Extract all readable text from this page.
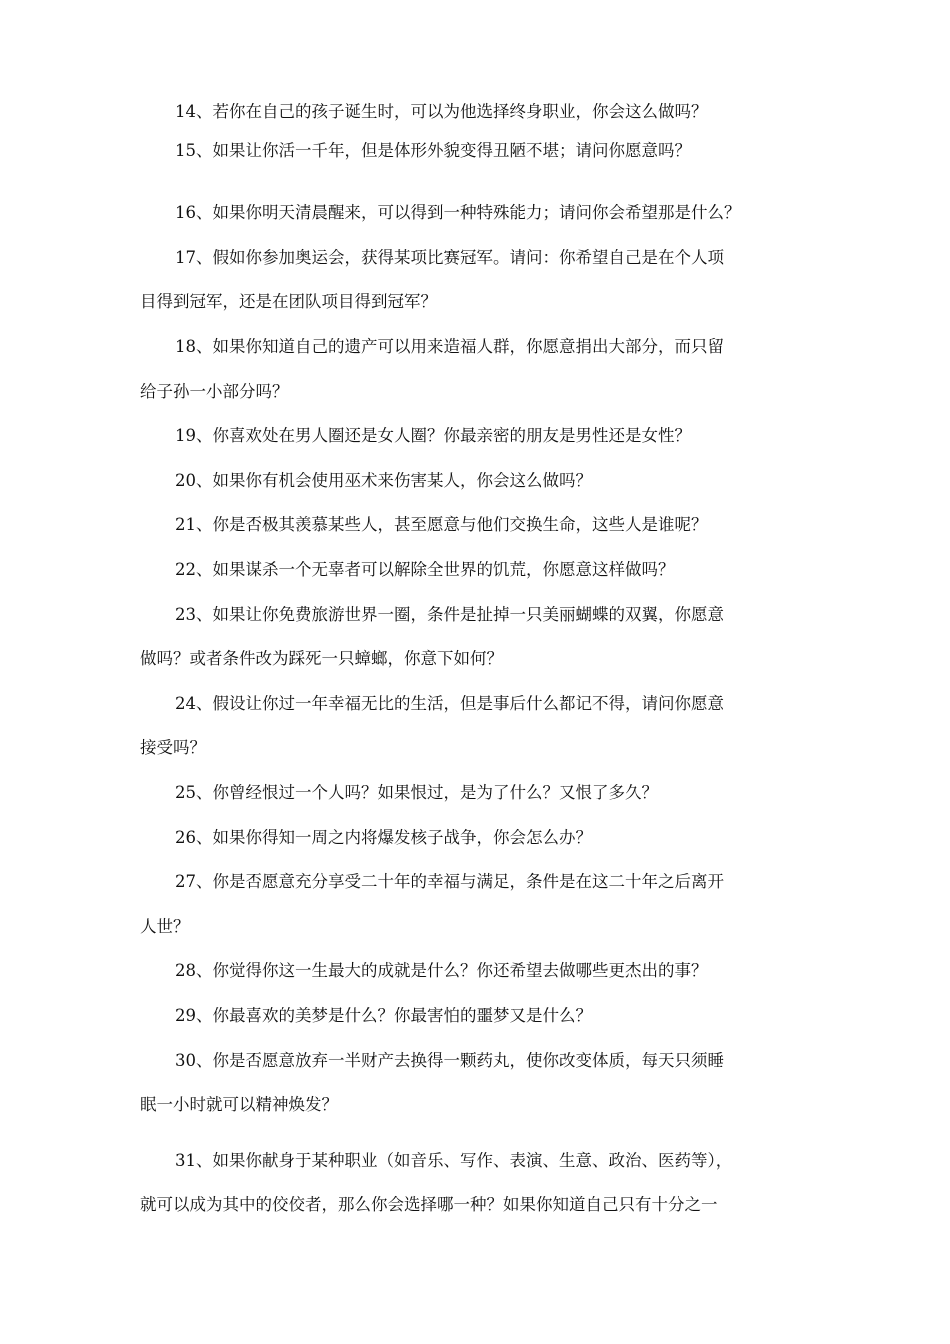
14、若你在自己的孩子诞生时，可以为他选择终身职业，你会这么做吗？
15、如果让你活一千年，但是体形外貌变得丑陋不堪；请问你愿意吗？
16、如果你明天清晨醒来，可以得到一种特殊能力；请问你会希望那是什么？
17、假如你参加奥运会，获得某项比赛冠军。请问：你希望自己是在个人项
目得到冠军，还是在团队项目得到冠军？
18、如果你知道自己的遗产可以用来造福人群，你愿意捐出大部分，而只留
给子孙一小部分吗？
19、你喜欢处在男人圈还是女人圈？你最亲密的朋友是男性还是女性？
20、如果你有机会使用巫术来伤害某人，你会这么做吗？
21、你是否极其羡慕某些人，甚至愿意与他们交换生命，这些人是谁呢？
22、如果谋杀一个无辜者可以解除全世界的饥荒，你愿意这样做吗？
23、如果让你免费旅游世界一圈，条件是扯掉一只美丽蝴蝶的双翼，你愿意
做吗？或者条件改为踩死一只蟑螂，你意下如何？
24、假设让你过一年幸福无比的生活，但是事后什么都记不得，请问你愿意
接受吗？
25、你曾经恨过一个人吗？如果恨过，是为了什么？又恨了多久？
26、如果你得知一周之内将爆发核子战争，你会怎么办？
27、你是否愿意充分享受二十年的幸福与满足，条件是在这二十年之后离开
人世？
28、你觉得你这一生最大的成就是什么？你还希望去做哪些更杰出的事？
29、你最喜欢的美梦是什么？你最害怕的噩梦又是什么？
30、你是否愿意放弃一半财产去换得一颗药丸，使你改变体质，每天只须睡
眠一小时就可以精神焕发？
31、如果你献身于某种职业（如音乐、写作、表演、生意、政治、医药等），
就可以成为其中的佼佼者，那么你会选择哪一种？如果你知道自己只有十分之一
